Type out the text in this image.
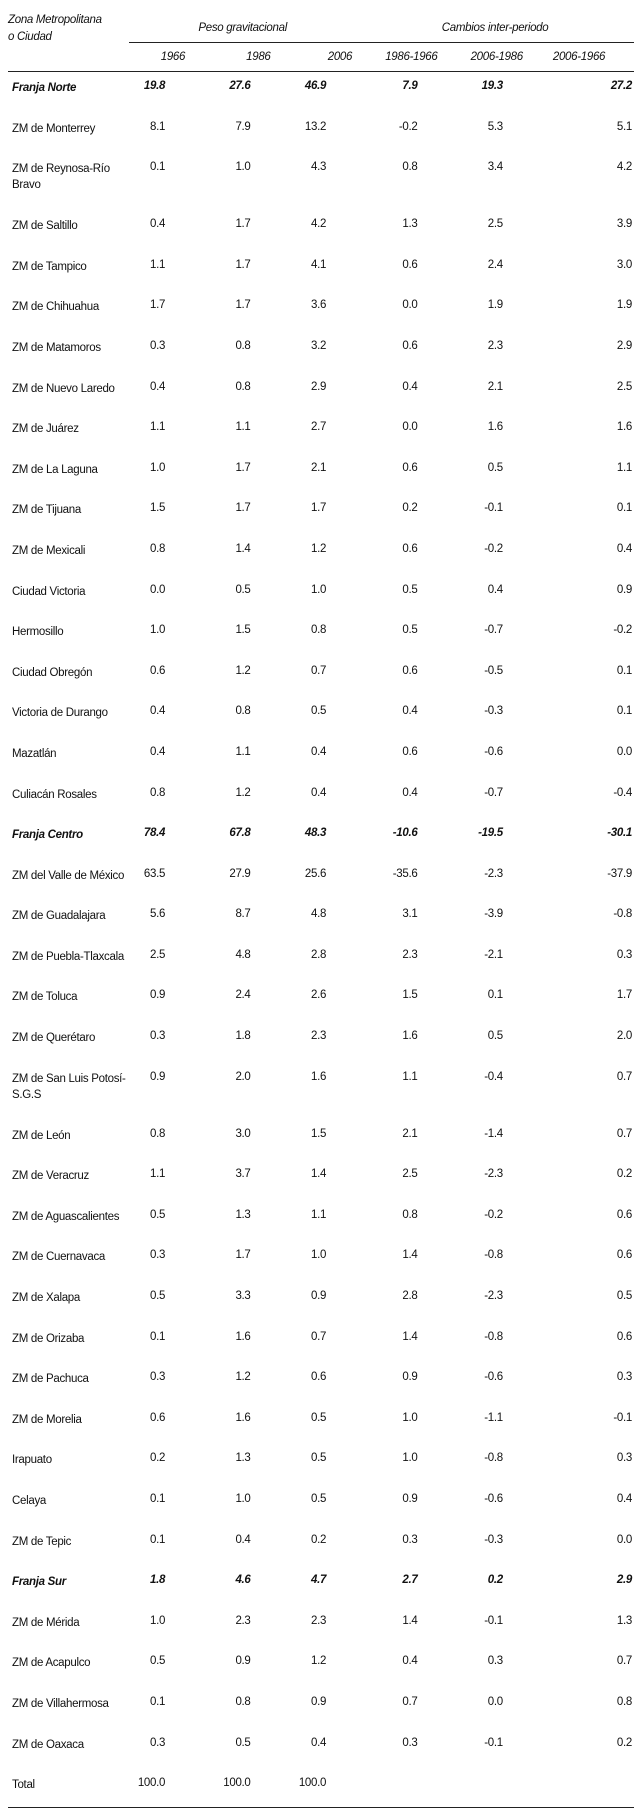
Zona Metropolitana
o Ciudad	Peso gravitacional			Cambios inter-periodo		
	1966	1986	2006	1986-1966	2006-1986	2006-1966
Franja Norte	19.8	27.6	46.9	7.9	19.3	27.2
ZM de Monterrey	8.1	7.9	13.2	-0.2	5.3	5.1
ZM de Reynosa-Río Bravo	0.1	1.0	4.3	0.8	3.4	4.2
ZM de Saltillo	0.4	1.7	4.2	1.3	2.5	3.9
ZM de Tampico	1.1	1.7	4.1	0.6	2.4	3.0
ZM de Chihuahua	1.7	1.7	3.6	0.0	1.9	1.9
ZM de Matamoros	0.3	0.8	3.2	0.6	2.3	2.9
ZM de Nuevo Laredo	0.4	0.8	2.9	0.4	2.1	2.5
ZM de Juárez	1.1	1.1	2.7	0.0	1.6	1.6
ZM de La Laguna	1.0	1.7	2.1	0.6	0.5	1.1
ZM de Tijuana	1.5	1.7	1.7	0.2	-0.1	0.1
ZM de Mexicali	0.8	1.4	1.2	0.6	-0.2	0.4
Ciudad Victoria	0.0	0.5	1.0	0.5	0.4	0.9
Hermosillo	1.0	1.5	0.8	0.5	-0.7	-0.2
Ciudad Obregón	0.6	1.2	0.7	0.6	-0.5	0.1
Victoria de Durango	0.4	0.8	0.5	0.4	-0.3	0.1
Mazatlán	0.4	1.1	0.4	0.6	-0.6	0.0
Culiacán Rosales	0.8	1.2	0.4	0.4	-0.7	-0.4
Franja Centro	78.4	67.8	48.3	-10.6	-19.5	-30.1
ZM del Valle de México	63.5	27.9	25.6	-35.6	-2.3	-37.9
ZM de Guadalajara	5.6	8.7	4.8	3.1	-3.9	-0.8
ZM de Puebla-Tlaxcala	2.5	4.8	2.8	2.3	-2.1	0.3
ZM de Toluca	0.9	2.4	2.6	1.5	0.1	1.7
ZM de Querétaro	0.3	1.8	2.3	1.6	0.5	2.0
ZM de San Luis Potosí-S.G.S	0.9	2.0	1.6	1.1	-0.4	0.7
ZM de León	0.8	3.0	1.5	2.1	-1.4	0.7
ZM de Veracruz	1.1	3.7	1.4	2.5	-2.3	0.2
ZM de Aguascalientes	0.5	1.3	1.1	0.8	-0.2	0.6
ZM de Cuernavaca	0.3	1.7	1.0	1.4	-0.8	0.6
ZM de Xalapa	0.5	3.3	0.9	2.8	-2.3	0.5
ZM de Orizaba	0.1	1.6	0.7	1.4	-0.8	0.6
ZM de Pachuca	0.3	1.2	0.6	0.9	-0.6	0.3
ZM de Morelia	0.6	1.6	0.5	1.0	-1.1	-0.1
Irapuato	0.2	1.3	0.5	1.0	-0.8	0.3
Celaya	0.1	1.0	0.5	0.9	-0.6	0.4
ZM de Tepic	0.1	0.4	0.2	0.3	-0.3	0.0
Franja Sur	1.8	4.6	4.7	2.7	0.2	2.9
ZM de Mérida	1.0	2.3	2.3	1.4	-0.1	1.3
ZM de Acapulco	0.5	0.9	1.2	0.4	0.3	0.7
ZM de Villahermosa	0.1	0.8	0.9	0.7	0.0	0.8
ZM de Oaxaca	0.3	0.5	0.4	0.3	-0.1	0.2
Total	100.0	100.0	100.0			
